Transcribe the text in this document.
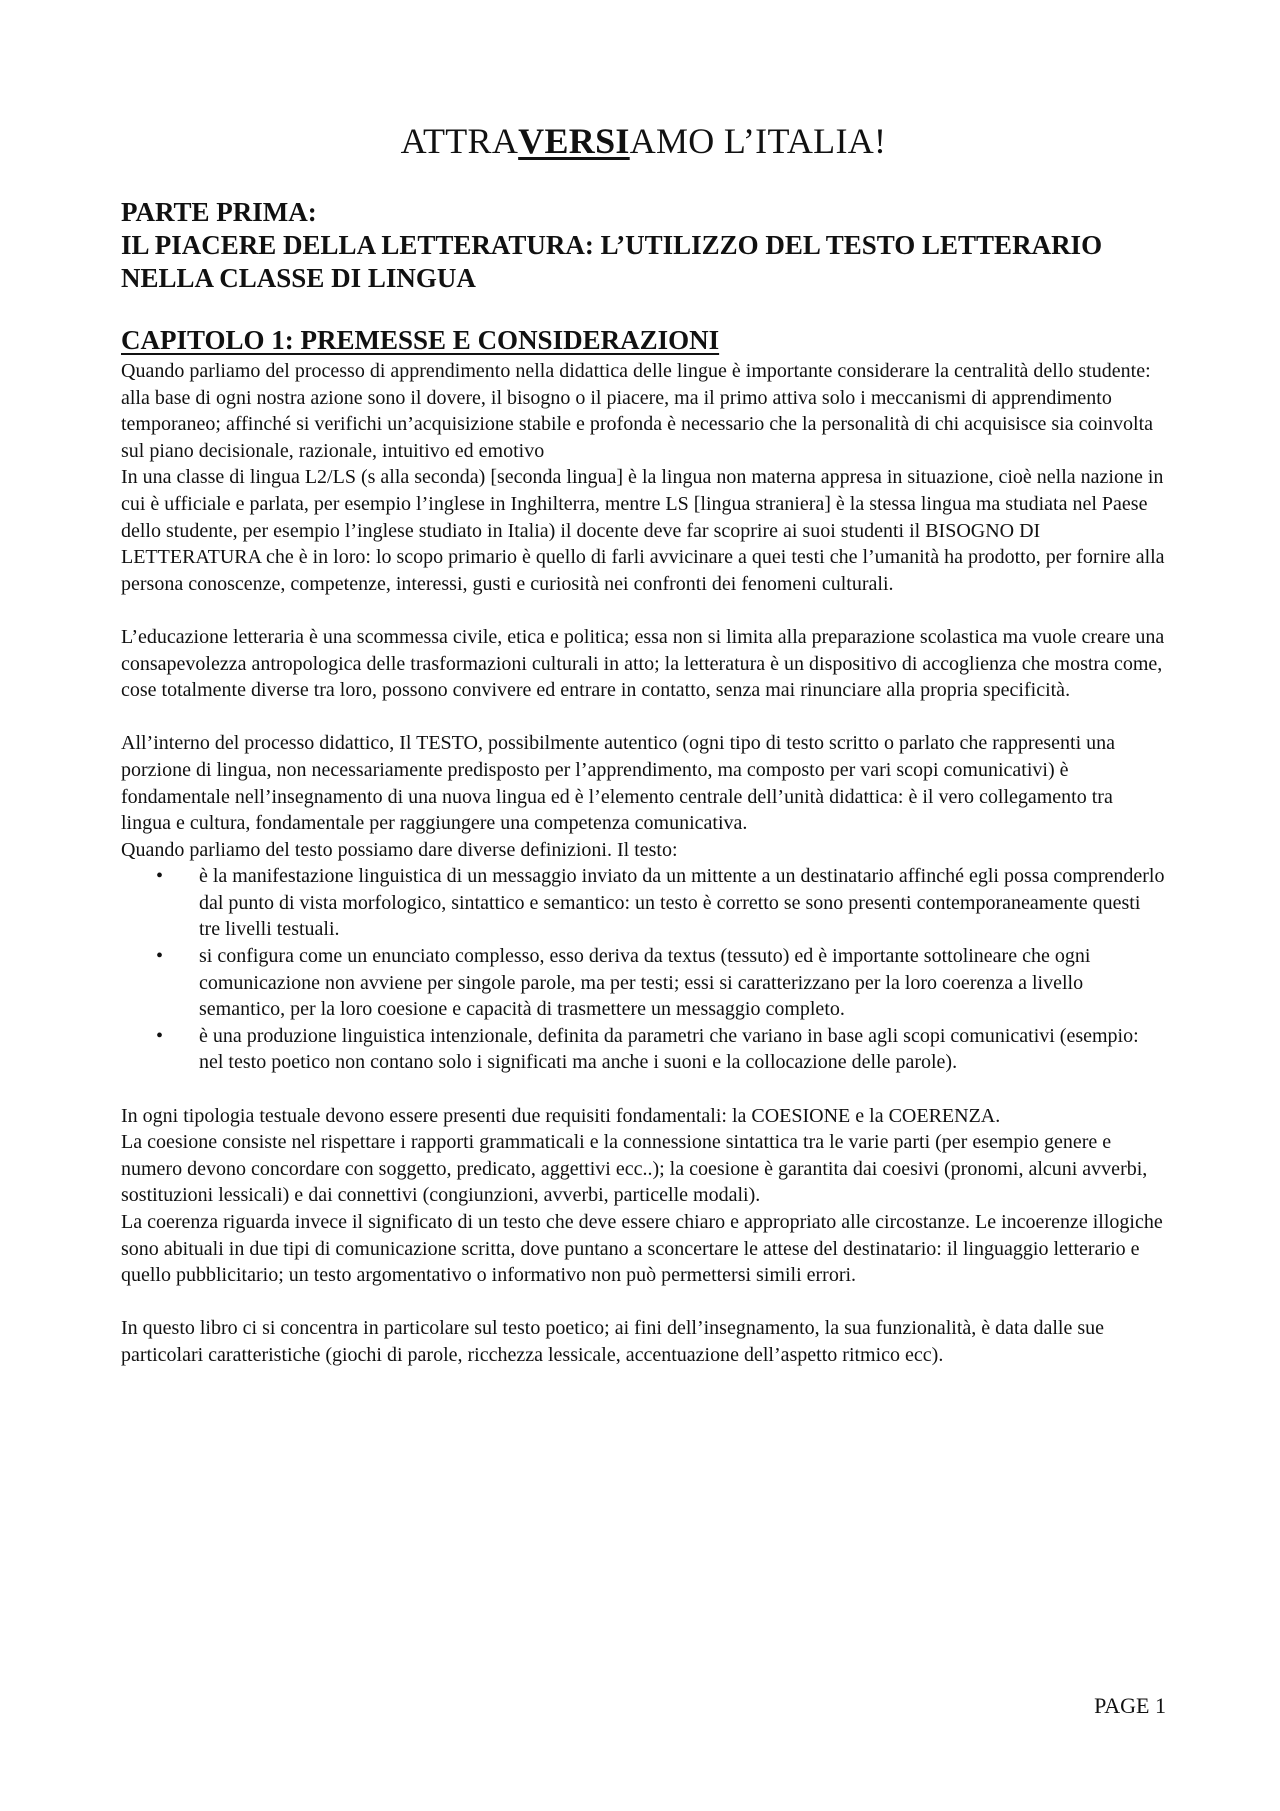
ATTRAVERSIAMO L’ITALIA!
PARTE PRIMA:
IL PIACERE DELLA LETTERATURA: L’UTILIZZO DEL TESTO LETTERARIO NELLA CLASSE DI LINGUA
CAPITOLO 1: PREMESSE E CONSIDERAZIONI

Quando parliamo del processo di apprendimento nella didattica delle lingue è importante considerare la centralità dello studente: alla base di ogni nostra azione sono il dovere, il bisogno o il piacere, ma il primo attiva solo i meccanismi di apprendimento temporaneo; affinché si verifichi un’acquisizione stabile e profonda è necessario che la personalità di chi acquisisce sia coinvolta sul piano decisionale, razionale, intuitivo ed emotivo

In una classe di lingua L2/LS (s alla seconda) [seconda lingua] è la lingua non materna appresa in situazione, cioè nella nazione in cui è ufficiale e parlata, per esempio l’inglese in Inghilterra, mentre LS [lingua straniera] è la stessa lingua ma studiata nel Paese dello studente, per esempio l’inglese studiato in Italia) il docente deve far scoprire ai suoi studenti il BISOGNO DI LETTERATURA che è in loro: lo scopo primario è quello di farli avvicinare a quei testi che l’umanità ha prodotto, per fornire alla persona conoscenze, competenze, interessi, gusti e curiosità nei confronti dei fenomeni culturali.

L’educazione letteraria è una scommessa civile, etica e politica; essa non si limita alla preparazione scolastica ma vuole creare una consapevolezza antropologica delle trasformazioni culturali in atto; la letteratura è un dispositivo di accoglienza che mostra come, cose totalmente diverse tra loro, possono convivere ed entrare in contatto, senza mai rinunciare alla propria specificità.

All’interno del processo didattico, Il TESTO, possibilmente autentico (ogni tipo di testo scritto o parlato che rappresenti una porzione di lingua, non necessariamente predisposto per l’apprendimento, ma composto per vari scopi comunicativi) è fondamentale nell’insegnamento di una nuova lingua ed è l’elemento centrale dell’unità didattica: è il vero collegamento tra lingua e cultura, fondamentale per raggiungere una competenza comunicativa.

Quando parliamo del testo possiamo dare diverse definizioni. Il testo:

• è la manifestazione linguistica di un messaggio inviato da un mittente a un destinatario affinché egli possa comprenderlo dal punto di vista morfologico, sintattico e semantico: un testo è corretto se sono presenti contemporaneamente questi tre livelli testuali.
• si configura come un enunciato complesso, esso deriva da textus (tessuto) ed è importante sottolineare che ogni comunicazione non avviene per singole parole, ma per testi; essi si caratterizzano per la loro coerenza a livello semantico, per la loro coesione e capacità di trasmettere un messaggio completo.
• è una produzione linguistica intenzionale, definita da parametri che variano in base agli scopi comunicativi (esempio: nel testo poetico non contano solo i significati ma anche i suoni e la collocazione delle parole).

In ogni tipologia testuale devono essere presenti due requisiti fondamentali: la COESIONE e la COERENZA.

La coesione consiste nel rispettare i rapporti grammaticali e la connessione sintattica tra le varie parti (per esempio genere e numero devono concordare con soggetto, predicato, aggettivi ecc..); la coesione è garantita dai coesivi (pronomi, alcuni avverbi, sostituzioni lessicali) e dai connettivi (congiunzioni, avverbi, particelle modali).

La coerenza riguarda invece il significato di un testo che deve essere chiaro e appropriato alle circostanze. Le incoerenze illogiche sono abituali in due tipi di comunicazione scritta, dove puntano a sconcertare le attese del destinatario: il linguaggio letterario e quello pubblicitario; un testo argomentativo o informativo non può permettersi simili errori.

In questo libro ci si concentra in particolare sul testo poetico; ai fini dell’insegnamento, la sua funzionalità, è data dalle sue particolari caratteristiche (giochi di parole, ricchezza lessicale, accentuazione dell’aspetto ritmico ecc).

PAGE 1
